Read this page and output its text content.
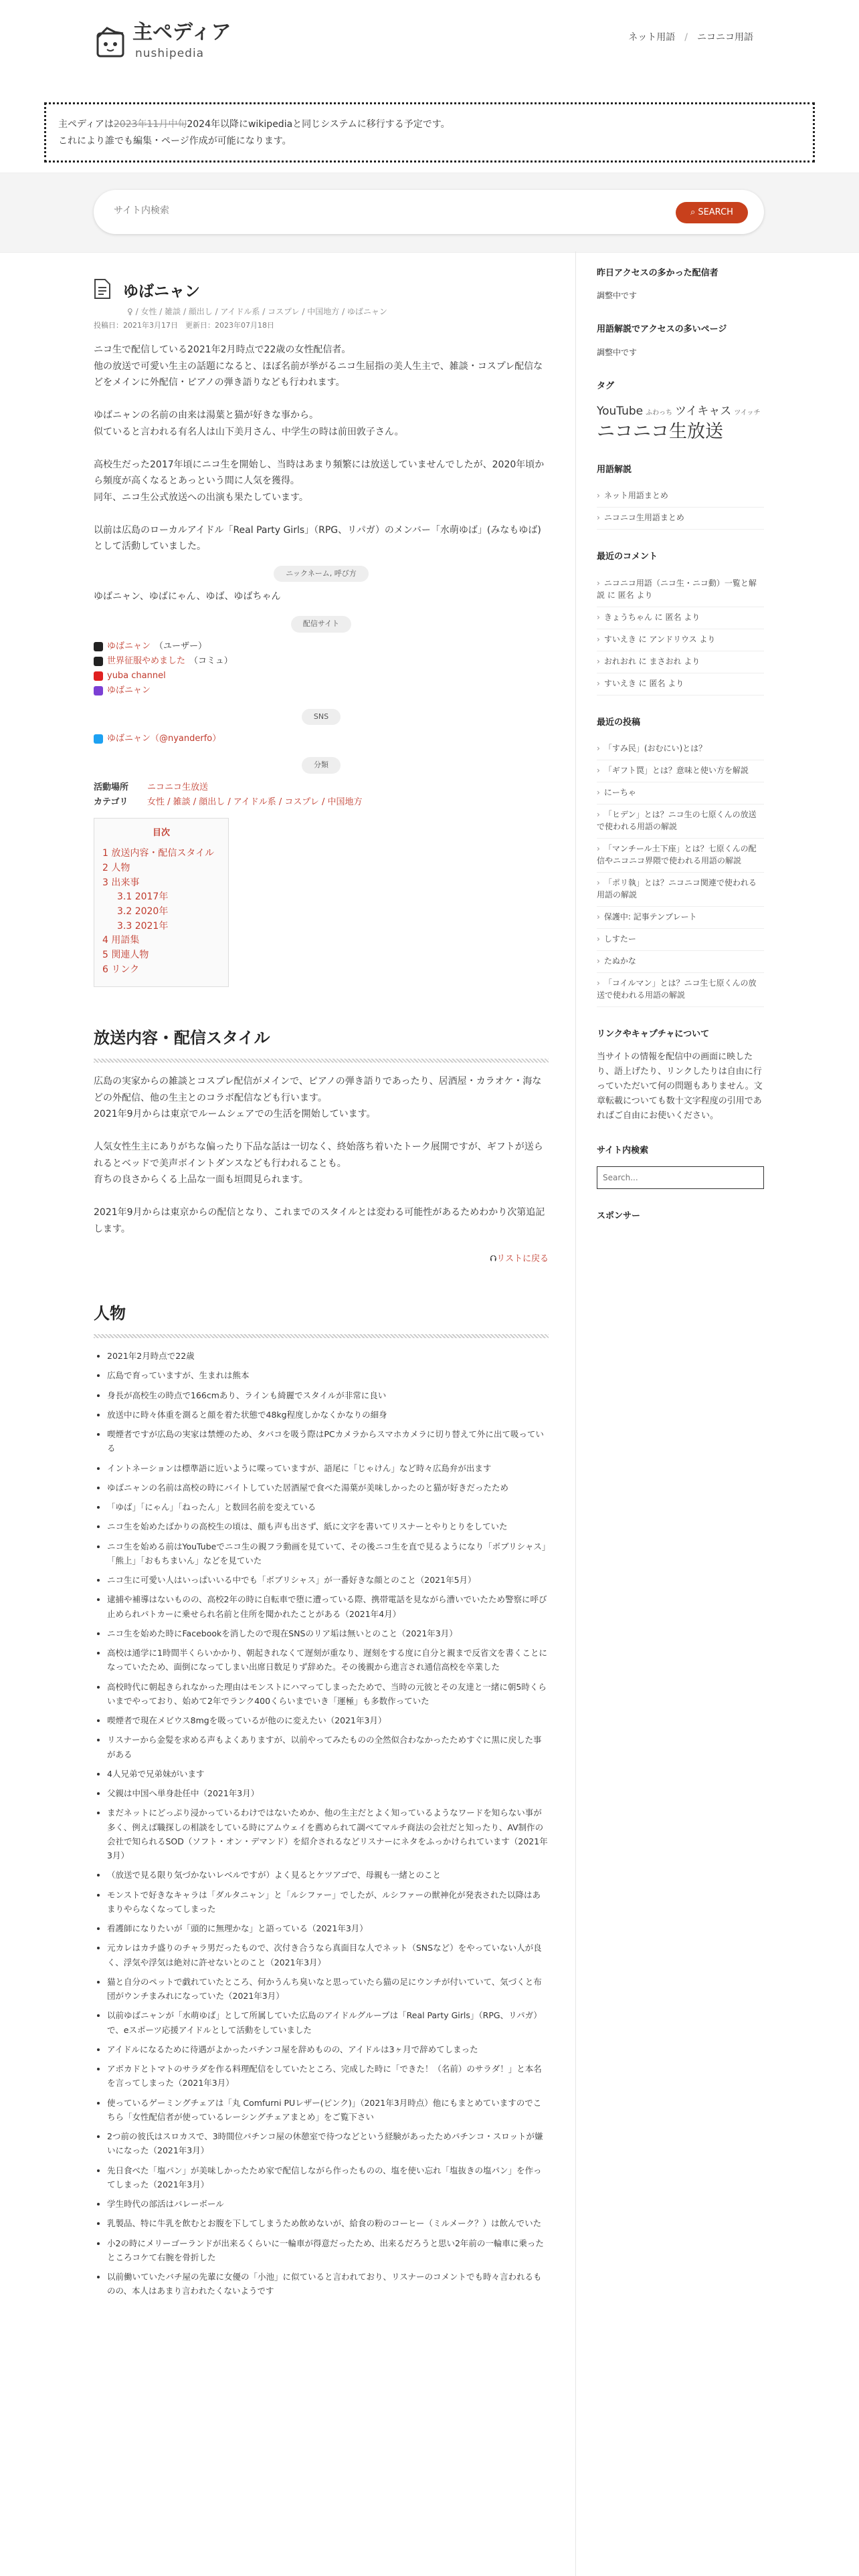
主ペディア
nushipedia
ネット用語 / ニコニコ用語
主ペディアは2023年11月中旬2024年以降にwikipediaと同じシステムに移行する予定です。
これにより誰でも編集・ページ作成が可能になります。
サイト内検索
⌕ SEARCH
ゆばニャン
♀ / 女性 / 雑談 / 顔出し / アイドル系 / コスプレ / 中国地方 / ゆばニャン
投稿日：2021年3月17日　 更新日：2023年07月18日
ニコ生で配信している2021年2月時点で22歳の女性配信者。
他の放送で可愛い生主の話題になると、ほぼ名前が挙がるニコ生屈指の美人生主で、雑談・コスプレ配信などをメインに外配信・ピアノの弾き語りなども行われます。

ゆばニャンの名前の由来は湯葉と猫が好きな事から。
似ていると言われる有名人は山下美月さん、中学生の時は前田敦子さん。

高校生だった2017年頃にニコ生を開始し、当時はあまり頻繁には放送していませんでしたが、2020年頃から頻度が高くなるとあっという間に人気を獲得。
同年、ニコ生公式放送への出演も果たしています。

以前は広島のローカルアイドル「Real Party Girls」（RPG、リパガ）のメンバー「水萌ゆば」(みなもゆば)として活動していました。
ニックネーム, 呼び方
ゆばニャン、ゆばにゃん、ゆば、ゆばちゃん
配信サイト
ゆばニャン （ユーザー）
世界征服やめました （コミュ）
yuba channel
ゆばニャン
SNS
ゆばニャン（@nyanderfo）
分類
活動場所 ニコニコ生放送
カテゴリ 女性 / 雑談 / 顔出し / アイドル系 / コスプレ / 中国地方
目次
1 放送内容・配信スタイル
2 人物
3 出来事
3.1 2017年
3.2 2020年
3.3 2021年
4 用語集
5 関連人物
6 リンク
放送内容・配信スタイル
広島の実家からの雑談とコスプレ配信がメインで、ピアノの弾き語りであったり、居酒屋・カラオケ・海などの外配信、他の生主とのコラボ配信なども行います。
2021年9月からは東京でルームシェアでの生活を開始しています。

人気女性生主にありがちな偏ったり下品な話は一切なく、終始落ち着いたトーク展開ですが、ギフトが送られるとベッドで美声ボイントダンスなども行われることも。
育ちの良さからくる上品な一面も垣間見られます。

2021年9月からは東京からの配信となり、これまでのスタイルとは変わる可能性があるためわかり次第追記します。
⮉リストに戻る
人物
• 2021年2月時点で22歳
• 広島で育っていますが、生まれは熊本
• 身長が高校生の時点で166cmあり、ラインも綺麗でスタイルが非常に良い
• 放送中に時々体重を測ると顔を着た状態で48kg程度しかなくかなりの細身
• 喫煙者ですが広島の実家は禁煙のため、タバコを吸う際はPCカメラからスマホカメラに切り替えて外に出て吸っている
• イントネーションは標準語に近いように喋っていますが、語尾に「じゃけん」など時々広島弁が出ます
• ゆばニャンの名前は高校の時にバイトしていた居酒屋で食べた湯葉が美味しかったのと猫が好きだったため
• 「ゆば」「にゃん」「ねったん」と数回名前を変えている
• ニコ生を始めたばかりの高校生の頃は、顔も声も出さず、紙に文字を書いてリスナーとやりとりをしていた
• ニコ生を始める前はYouTubeでニコ生の親フラ動画を見ていて、その後ニコ生を直で見るようになり「ボブリシャス」「熊上」「おもちまいん」などを見ていた
• ニコ生に可愛い人はいっぱいいる中でも「ボブリシャス」が一番好きな顔とのこと（2021年5月）
• 逮捕や補導はないものの、高校2年の時に自転車で堕に遭っている際、携帯電話を見ながら漕いでいたため警察に呼び止められパトカーに乗せられ名前と住所を聞かれたことがある（2021年4月）
• ニコ生を始めた時にFacebookを消したので現在SNSのリア垢は無いとのこと（2021年3月）
• 高校は通学に1時間半くらいかかり、朝起きれなくて遅刻が重なり、遅刻をする度に自分と親まで反省文を書くことになっていたため、面倒になってしまい出席日数足りず辞めた。その後親から進言され通信高校を卒業した
• 高校時代に朝起きられなかった理由はモンストにハマってしまったためで、当時の元彼とその友達と一緒に朝5時くらいまでやっており、始めて2年でランク400くらいまでいき「運極」も多数作っていた
• 喫煙者で現在メビウス8mgを吸っているが他のに変えたい（2021年3月）
• リスナーから金髪を求める声もよくありますが、以前やってみたものの全然似合わなかったためすぐに黒に戻した事がある
• 4人兄弟で兄弟妹がいます
• 父親は中国へ単身赴任中（2021年3月）
• まだネットにどっぷり浸かっているわけではないためか、他の生主だとよく知っているようなワードを知らない事が多く、例えば職探しの相談をしている時にアムウェイを薦められて調べてマルチ商法の会社だと知ったり、AV制作の会社で知られるSOD（ソフト・オン・デマンド）を紹介されるなどリスナーにネタをふっかけられています（2021年3月）
• （放送で見る限り気づかないレベルですが）よく見るとケツアゴで、母親も一緒とのこと
• モンストで好きなキャラは「ダルタニャン」と「ルシファー」でしたが、ルシファーの獣神化が発表された以降はあまりやらなくなってしまった
• 看護師になりたいが「頭的に無理かな」と語っている（2021年3月）
• 元カレはカチ盛りのチャラ男だったもので、次付き合うなら真面目な人でネット（SNSなど）をやっていない人が良く、浮気や浮気は絶対に許せないとのこと（2021年3月）
• 猫と自分のペットで戯れていたところ、何かうんち臭いなと思っていたら猫の足にウンチが付いていて、気づくと布団がウンチまみれになっていた（2021年3月）
• 以前ゆばニャンが「水萌ゆば」として所属していた広島のアイドルグループは「Real Party Girls」（RPG、リパガ）で、eスポーツ応援アイドルとして活動をしていました
• アイドルになるために待遇がよかったパチンコ屋を辞めものの、アイドルは3ヶ月で辞めてしまった
• アボカドとトマトのサラダを作る料理配信をしていたところ、完成した時に「できた！（名前）のサラダ！」と本名を言ってしまった（2021年3月）
• 使っているゲーミングチェアは「丸 Comfurni PUレザー(ピンク)」（2021年3月時点）他にもまとめていますのでこちら「女性配信者が使っているレーシングチェアまとめ」をご覧下さい
• 2つ前の彼氏はスロカスで、3時間位パチンコ屋の休憩室で待つなどという経験があったためパチンコ・スロットが嫌いになった（2021年3月）
• 先日食べた「塩パン」が美味しかったため家で配信しながら作ったものの、塩を使い忘れ「塩抜きの塩パン」を作ってしまった（2021年3月）
• 学生時代の部活はバレーボール
• 乳製品、特に牛乳を飲むとお腹を下してしまうため飲めないが、給食の粉のコーヒー（ミルメーク？）は飲んでいた
• 小2の時にメリーゴーランドが出来るくらいに一輪車が得意だったため、出来るだろうと思い2年前の一輪車に乗ったところコケて右腕を骨折した
• 以前働いていたバチ屋の先輩に女優の「小池」に似ていると言われており、リスナーのコメントでも時々言われるものの、本人はあまり言われたくないようです
昨日アクセスの多かった配信者
調整中です
用語解説でアクセスの多いページ
調整中です
タグ
YouTube ふわっち ツイキャス ツイッチニコニコ生放送
用語解説
› ネット用語まとめ
› ニコニコ生用語まとめ
最近のコメント
› ニコニコ用語（ニコ生・ニコ動）一覧と解説 に 匿名 より
› きょうちゃん に 匿名 より
› すいえき に アンドリウス より
› おれおれ に まさおれ より
› すいえき に 匿名 より
最近の投稿
› 「すみ民」(おむにい)とは？
› 「ギフト罠」とは？意味と使い方を解説
› にーちゃ
› 「ヒデン」とは？ニコ生の七原くんの放送で使われる用語の解説
› 「マンチール土下座」とは？七原くんの配信やニコニコ界隈で使われる用語の解説
› 「ポリ執」とは？ニコニコ関連で使われる用語の解説
› 保護中: 記事テンプレート
› しすたー
› たぬかな
› 「コイルマン」とは？ニコ生七原くんの放送で使われる用語の解説
リンクやキャプチャについて
当サイトの情報を配信中の画面に映したり、語上げたり、リンクしたりは自由に行っていただいて何の問題もありません。文章転載についても数十文字程度の引用であればご自由にお使いください。
サイト内検索
Search...
スポンサー
